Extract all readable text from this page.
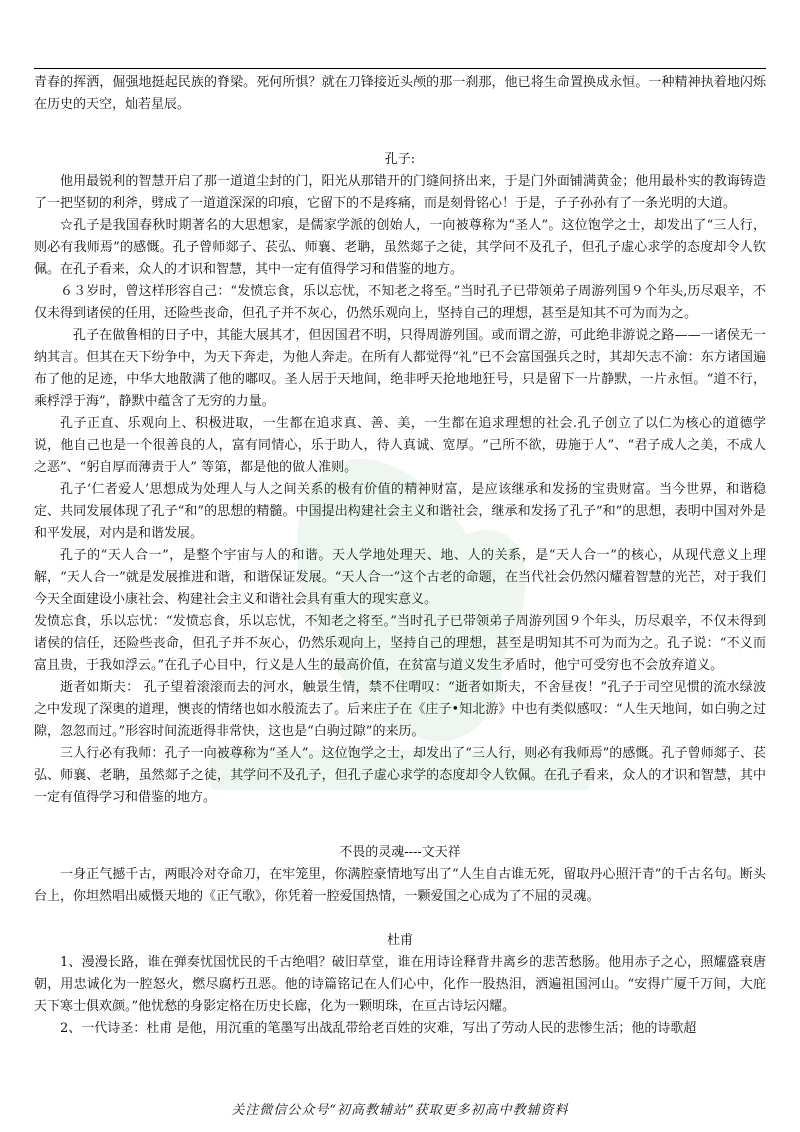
青春的挥洒，倔强地挺起民族的脊梁。死何所惧？就在刀锋接近头颅的那一刹那，他已将生命置换成永恒。一种精神执着地闪烁在历史的天空，灿若星辰。

孔子:

他用最锐利的智慧开启了那一道道尘封的门，阳光从那错开的门缝间挤出来，于是门外面铺满黄金；他用最朴实的教诲铸造了一把坚韧的利斧，劈成了一道道深深的印痕，它留下的不是疼痛，而是刻骨铭心！于是，子子孙孙有了一条光明的大道。

☆孔子是我国春秋时期著名的大思想家，是儒家学派的创始人，一向被尊称为“圣人”。这位饱学之士，却发出了“三人行，则必有我师焉”的感慨。孔子曾师郯子、苌弘、师襄、老聃，虽然郯子之徒，其学问不及孔子，但孔子虚心求学的态度却令人钦佩。在孔子看来，众人的才识和智慧，其中一定有值得学习和借鉴的地方。

６３岁时，曾这样形容自己：“发愤忘食，乐以忘忧，不知老之将至。”当时孔子已带领弟子周游列国９个年头,历尽艰辛，不仅未得到诸侯的任用，还险些丧命，但孔子并不灰心，仍然乐观向上，坚持自己的理想，甚至是知其不可为而为之。

孔子在做鲁相的日子中，其能大展其才，但因国君不明，只得周游列国。或而谓之游，可此绝非游说之路——一诸侯无一纳其言。但其在天下纷争中，为天下奔走，为他人奔走。在所有人都觉得“礼”已不会富国强兵之时，其却矢志不渝：东方诸国遍布了他的足迹，中华大地散满了他的嘟叹。圣人居于天地间，绝非呼天抢地地狂号，只是留下一片静默，一片永恒。“道不行，乘桴浮于海”，静默中蕴含了无穷的力量。

孔子正直、乐观向上、积极进取，一生都在追求真、善、美，一生都在追求理想的社会.孔子创立了以仁为核心的道德学说，他自己也是一个很善良的人，富有同情心，乐于助人，待人真诚、宽厚。“己所不欲，毋施于人”、“君子成人之美，不成人之恶”、“躬自厚而薄责于人” 等第，都是他的做人准则。

孔子‘仁者爱人’思想成为处理人与人之间关系的极有价值的精神财富，是应该继承和发扬的宝贵财富。当今世界，和谐稳定、共同发展体现了孔子“和”的思想的精髓。中国提出构建社会主义和谐社会，继承和发扬了孔子“和”的思想，表明中国对外是和平发展，对内是和谐发展。

孔子的“天人合一”，是整个宇宙与人的和谐。天人学地处理天、地、人的关系，是“天人合一”的核心，从现代意义上理解，“天人合一”就是发展推进和谐，和谐保证发展。“天人合一”这个古老的命题，在当代社会仍然闪耀着智慧的光芒，对于我们今天全面建设小康社会、构建社会主义和谐社会具有重大的现实意义。

发愤忘食，乐以忘忧：“发愤忘食，乐以忘忧，不知老之将至。”当时孔子已带领弟子周游列国９个年头，历尽艰辛，不仅未得到诸侯的信任，还险些丧命，但孔子并不灰心，仍然乐观向上，坚持自己的理想，甚至是明知其不可为而为之。孔子说：“不义而富且贵，于我如浮云。”在孔子心目中，行义是人生的最高价值，在贫富与道义发生矛盾时，他宁可受穷也不会放弃道义。

逝者如斯夫： 孔子望着滚滚而去的河水，触景生情，禁不住喟叹：“逝者如斯夫，不舍昼夜！”孔子于司空见惯的流水绿波之中发现了深奥的道理，懊丧的情绪也如水般流去了。后来庄子在《庄子•知北游》中也有类似感叹：“人生天地间，如白驹之过隙，忽忽而过。”形容时间流逝得非常快，这也是“白驹过隙”的来历。

三人行必有我师：孔子一向被尊称为“圣人”。这位饱学之士，却发出了“三人行，则必有我师焉”的感慨。孔子曾师郯子、苌弘、师襄、老聃，虽然郯子之徒，其学问不及孔子，但孔子虚心求学的态度却令人钦佩。在孔子看来，众人的才识和智慧，其中一定有值得学习和借鉴的地方。

不畏的灵魂----文天祥

一身正气撼千古，两眼冷对夺命刀，在牢笼里，你满腔豪情地写出了“人生自古谁无死，留取丹心照汗青”的千古名句。断头台上，你坦然唱出威慑天地的《正气歌》，你凭着一腔爱国热情，一颗爱国之心成为了不屈的灵魂。

杜甫

1、漫漫长路，谁在弹奏忧国忧民的千古绝唱？破旧草堂，谁在用诗诠释背井离乡的悲苦愁肠。他用赤子之心，照耀盛衰唐朝，用忠诚化为一腔怒火，燃尽腐朽丑恶。他的诗篇铭记在人们心中，化作一股热泪，洒遍祖国河山。“安得广厦千万间，大庇天下寒士俱欢颜。”他忧愁的身影定格在历史长廊，化为一颗明珠，在亘古诗坛闪耀。

2、一代诗圣：杜甫 是他，用沉重的笔墨写出战乱带给老百姓的灾难，写出了劳动人民的悲惨生活；他的诗歌超

关注微信公众号“初高教辅站”获取更多初高中教辅资料
